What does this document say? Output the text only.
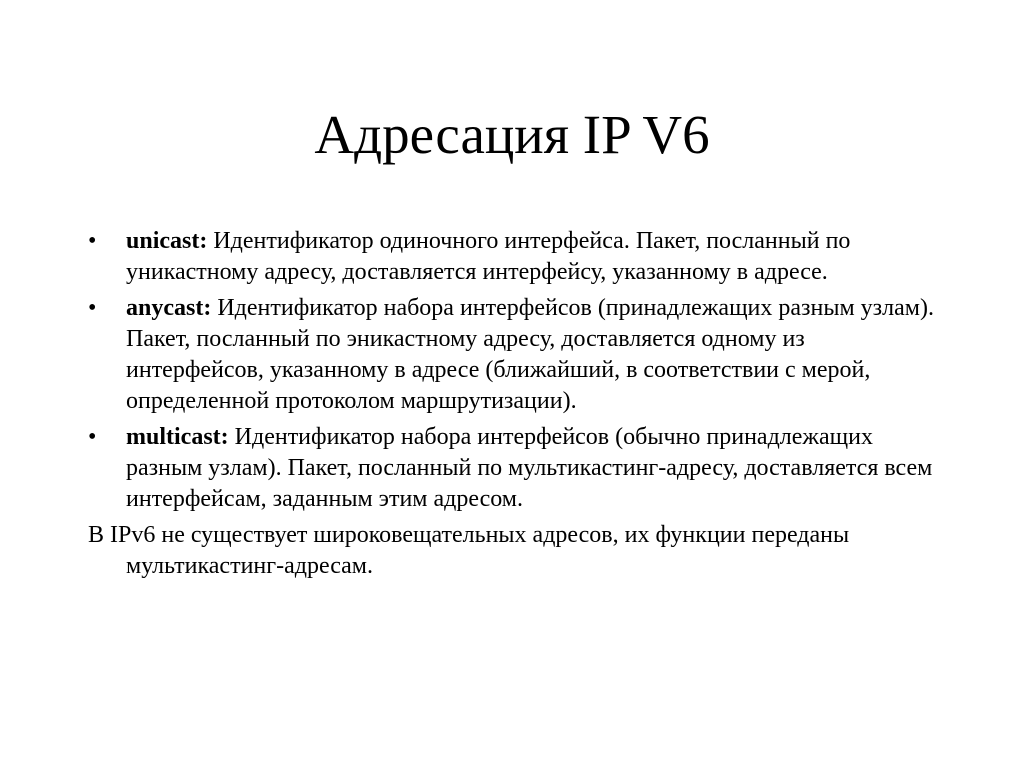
Адресация IP V6
•	unicast: Идентификатор одиночного интерфейса. Пакет, посланный по уникастному адресу, доставляется интерфейсу, указанному в адресе.
•	anycast: Идентификатор набора интерфейсов (принадлежащих разным узлам). Пакет, посланный по эникастному адресу, доставляется одному из интерфейсов, указанному в адресе (ближайший, в соответствии с мерой, определенной протоколом маршрутизации).
•	multicast: Идентификатор набора интерфейсов (обычно принадлежащих разным узлам). Пакет, посланный по мультикастинг-адресу, доставляется всем интерфейсам, заданным этим адресом.
В IPv6 не существует широковещательных адресов, их функции переданы мультикастинг-адресам.
